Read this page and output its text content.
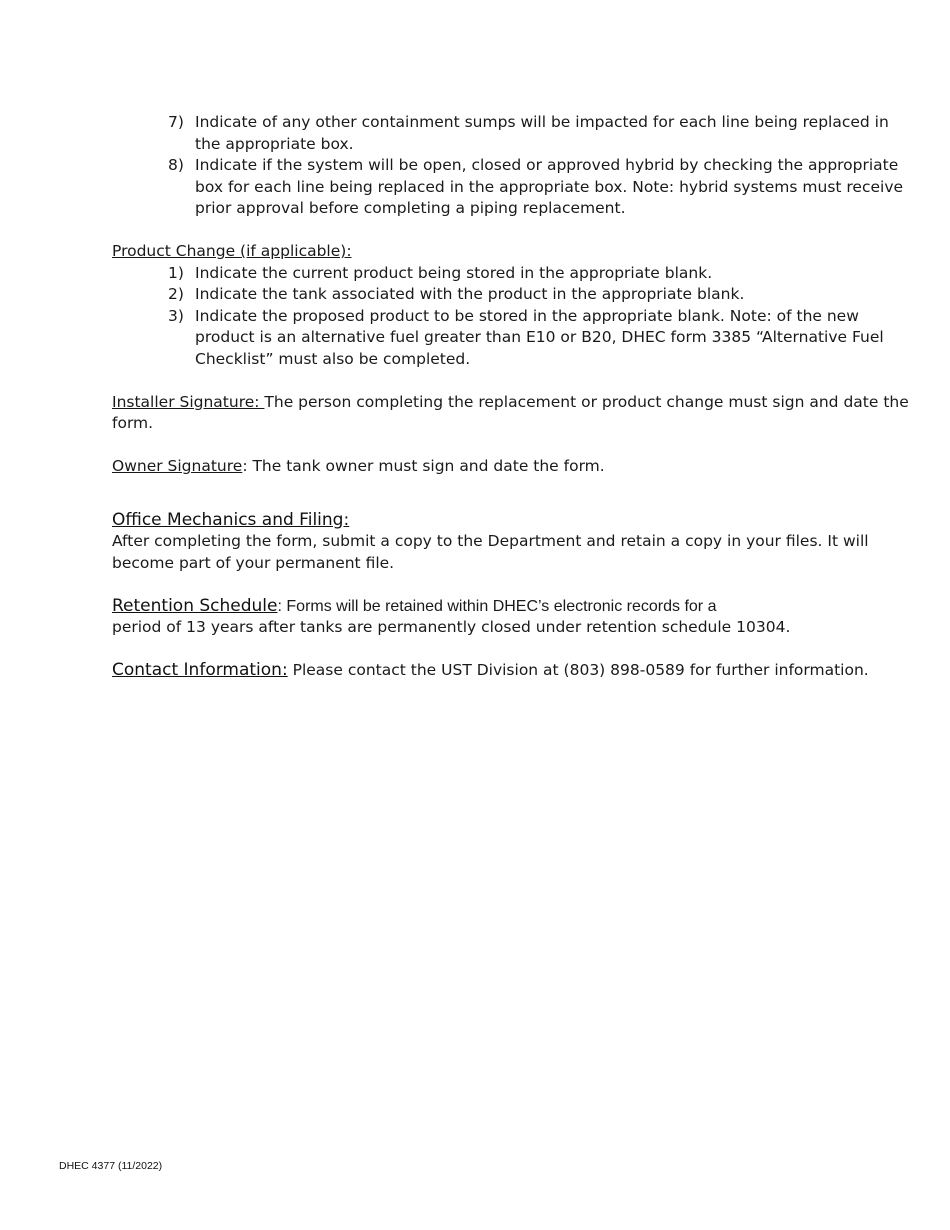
7) Indicate of any other containment sumps will be impacted for each line being replaced in the appropriate box.
8) Indicate if the system will be open, closed or approved hybrid by checking the appropriate box for each line being replaced in the appropriate box. Note: hybrid systems must receive prior approval before completing a piping replacement.
Product Change (if applicable):
1) Indicate the current product being stored in the appropriate blank.
2) Indicate the tank associated with the product in the appropriate blank.
3) Indicate the proposed product to be stored in the appropriate blank. Note: of the new product is an alternative fuel greater than E10 or B20, DHEC form 3385 “Alternative Fuel Checklist” must also be completed.
Installer Signature: The person completing the replacement or product change must sign and date the form.
Owner Signature: The tank owner must sign and date the form.
Office Mechanics and Filing:
After completing the form, submit a copy to the Department and retain a copy in your files. It will become part of your permanent file.
Retention Schedule: Forms will be retained within DHEC’s electronic records for a
period of 13 years after tanks are permanently closed under retention schedule 10304.
Contact Information: Please contact the UST Division at (803) 898-0589 for further information.
DHEC 4377 (11/2022)
